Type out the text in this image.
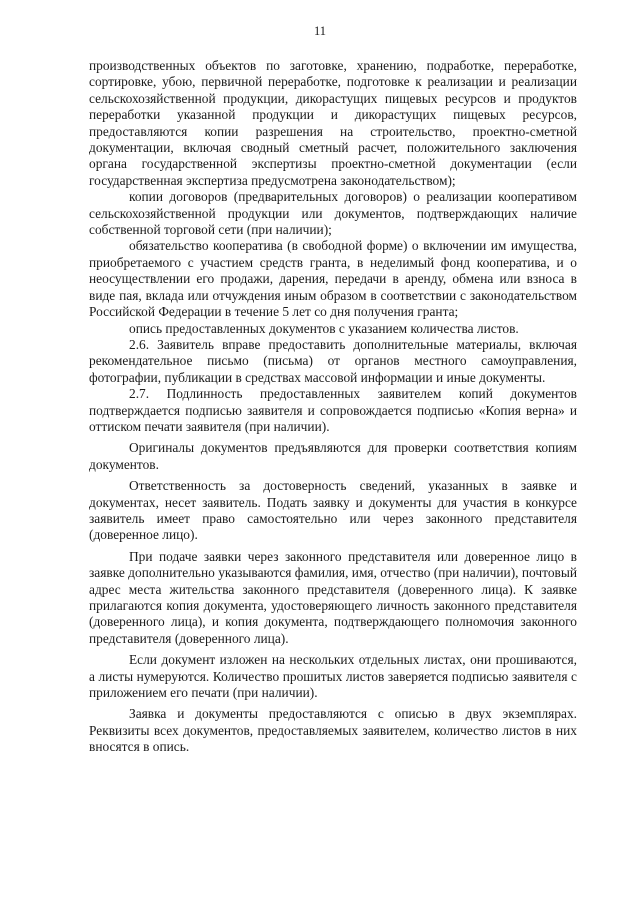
11

производственных объектов по заготовке, хранению, подработке, переработке, сортировке, убою, первичной переработке, подготовке к реализации и реализации сельскохозяйственной продукции, дикорастущих пищевых ресурсов и продуктов переработки указанной продукции и дикорастущих пищевых ресурсов, предоставляются копии разрешения на строительство, проектно-сметной документации, включая сводный сметный расчет, положительного заключения органа государственной экспертизы проектно-сметной документации (если государственная экспертиза предусмотрена законодательством);

копии договоров (предварительных договоров) о реализации кооперативом сельскохозяйственной продукции или документов, подтверждающих наличие собственной торговой сети (при наличии);

обязательство кооператива (в свободной форме) о включении им имущества, приобретаемого с участием средств гранта, в неделимый фонд кооператива, и о неосуществлении его продажи, дарения, передачи в аренду, обмена или взноса в виде пая, вклада или отчуждения иным образом в соответствии с законодательством Российской Федерации в течение 5 лет со дня получения гранта;

опись предоставленных документов с указанием количества листов.

2.6. Заявитель вправе предоставить дополнительные материалы, включая рекомендательное письмо (письма) от органов местного самоуправления, фотографии, публикации в средствах массовой информации и иные документы.

2.7. Подлинность предоставленных заявителем копий документов подтверждается подписью заявителя и сопровождается подписью «Копия верна» и оттиском печати заявителя (при наличии).

Оригиналы документов предъявляются для проверки соответствия копиям документов.

Ответственность за достоверность сведений, указанных в заявке и документах, несет заявитель. Подать заявку и документы для участия в конкурсе заявитель имеет право самостоятельно или через законного представителя (доверенное лицо).

При подаче заявки через законного представителя или доверенное лицо в заявке дополнительно указываются фамилия, имя, отчество (при наличии), почтовый адрес места жительства законного представителя (доверенного лица). К заявке прилагаются копия документа, удостоверяющего личность законного представителя (доверенного лица), и копия документа, подтверждающего полномочия законного представителя (доверенного лица).

Если документ изложен на нескольких отдельных листах, они прошиваются, а листы нумеруются. Количество прошитых листов заверяется подписью заявителя с приложением его печати (при наличии).

Заявка и документы предоставляются с описью в двух экземплярах. Реквизиты всех документов, предоставляемых заявителем, количество листов в них вносятся в опись.
